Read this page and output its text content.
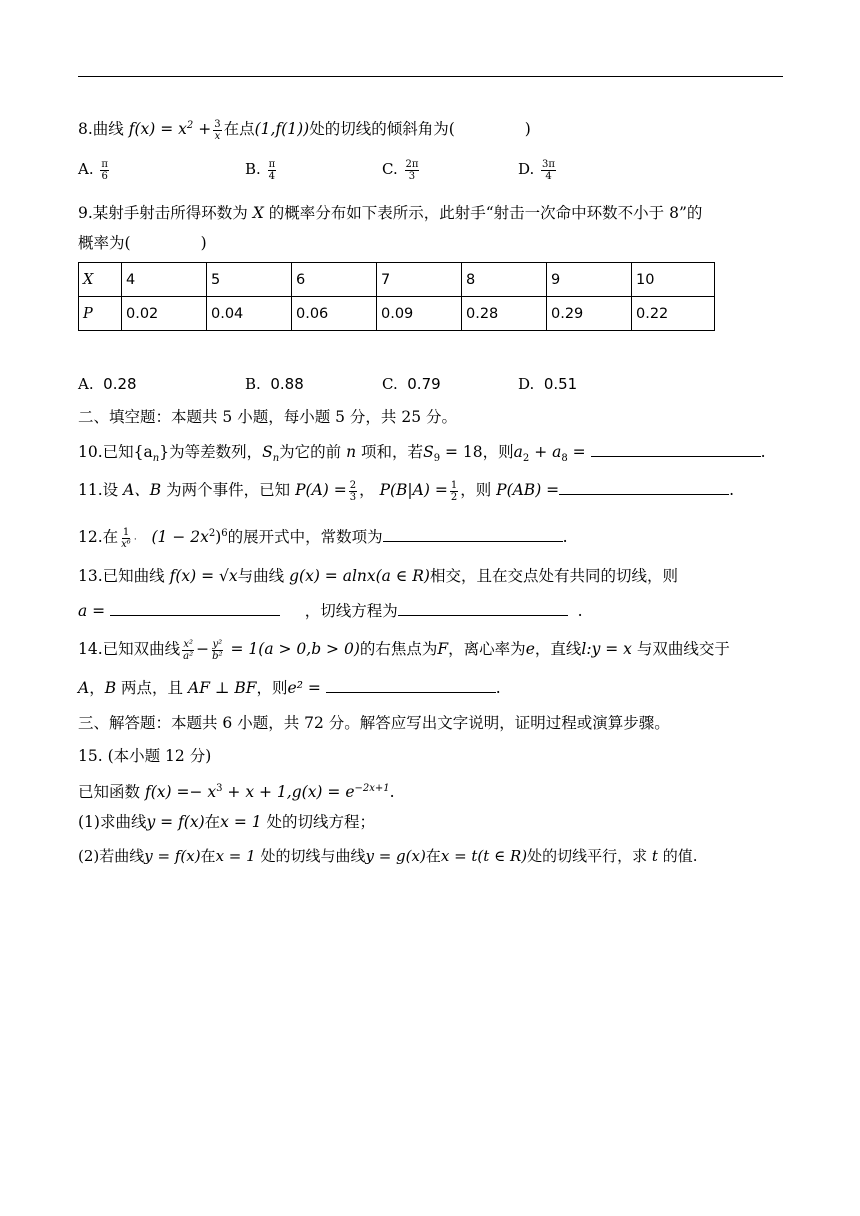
8.曲线 $f(x) = x^2 + \frac{3}{x}$ 在点(1,f(1))处的切线的倾斜角为(	)
A. $\frac{\pi}{6}$	B. $\frac{\pi}{4}$	C. $\frac{2\pi}{3}$	D. $\frac{3\pi}{4}$
9.某射手射击所得环数为 X 的概率分布如下表所示，此射手“射击一次命中环数不小于 8”的
概率为(	)
X	4	5	6	7	8	9	10
P	0.02	0.04	0.06	0.09	0.28	0.29	0.22
A. 0.28	B. 0.88	C. 0.79	D. 0.51
二、填空题：本题共 5 小题，每小题 5 分，共 25 分。
10.已知$\{a_n\}$为等差数列，$S_n$为它的前 n 项和，若$S_9 = 18$，则$a_2 + a_8$ =	.
11.设 A、B 为两个事件，已知 $P(A) = \frac{2}{3}$ ， $P(B|A) = \frac{1}{2}$ ，则 P(AB) =	.
12.在 $\frac{1}{\text{x⁶}} \cdot (1 - 2x^2)^6$的展开式中，常数项为	.
13.已知曲线 f(x) = √x与曲线 g(x) = alnx(a ∈ R)相交，且在交点处有共同的切线，则
a =	，切线方程为	.
14.已知双曲线 $\frac{\text{x²}}{\text{a²}} - \frac{\text{y²}}{\text{b²}} = 1(a > 0,b > 0)$的右焦点为F，离心率为e，直线l:y = x 与双曲线交于
A，B 两点，且 AF ⊥ BF，则e² =	.
三、解答题：本题共 6 小题，共 72 分。解答应写出文字说明，证明过程或演算步骤。
15. (本小题 12 分)
已知函数 $f(x) =- x^3 + x + 1,g(x) = e^{-2x+1}$.
(1)求曲线y = f(x)在x = 1 处的切线方程；
(2)若曲线y = f(x)在x = 1 处的切线与曲线y = g(x)在x = t(t ∈ R)处的切线平行，求 t 的值.
